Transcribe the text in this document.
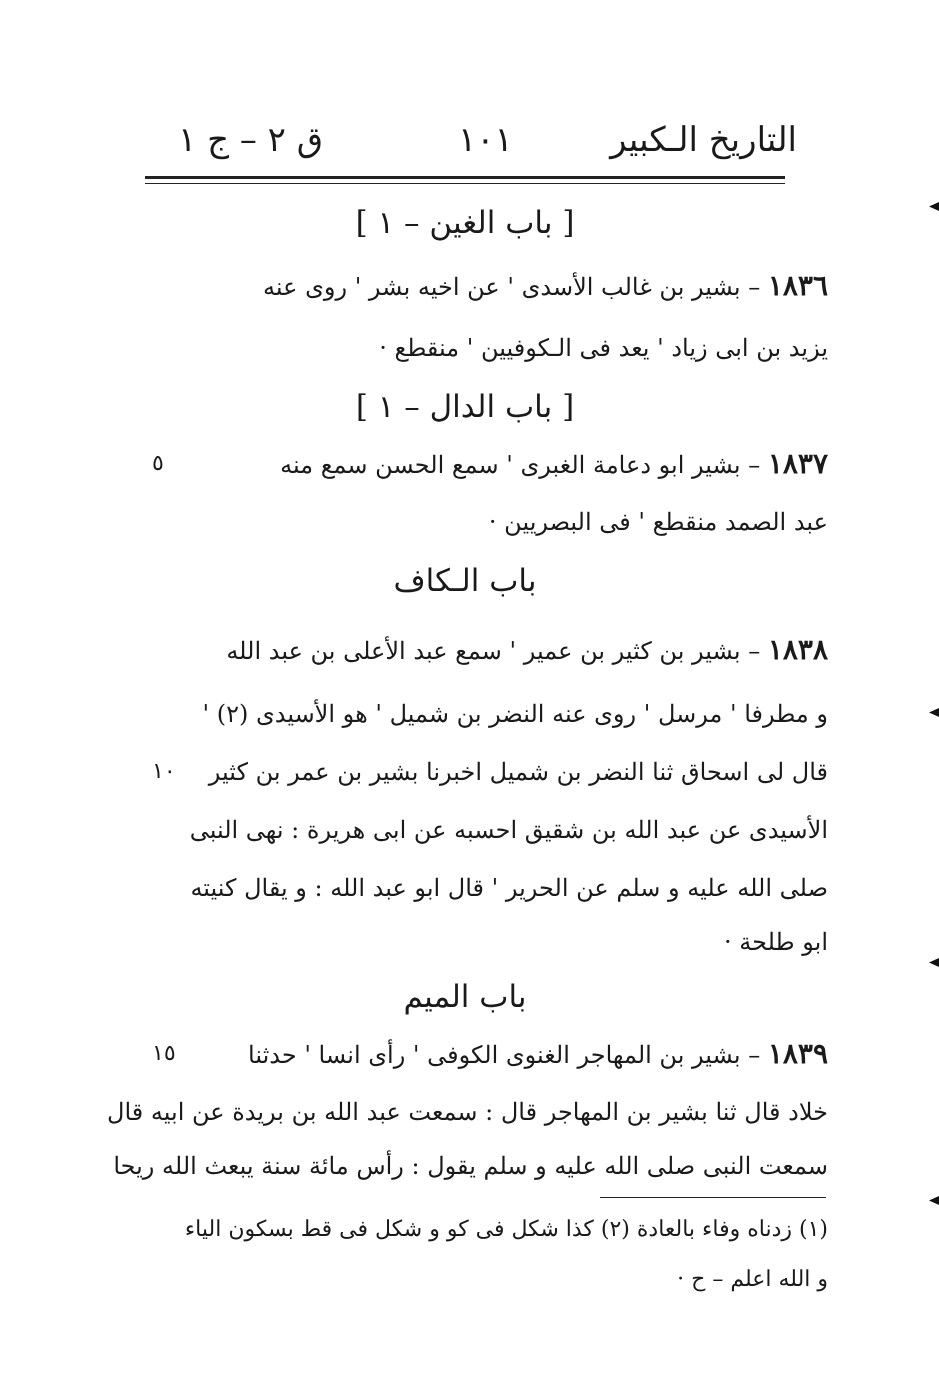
التاريخ الـكبير
١٠١
ق ٢ – ج ١
[ باب الغين – ١ ]
١٨٣٦ – بشير بن غالب الأسدى ' عن اخيه بشر ' روى عنه
يزيد بن ابى زياد ' يعد فى الـكوفيين ' منقطع ·
[ باب الدال – ١ ]
١٨٣٧ – بشير ابو دعامة الغبرى ' سمع الحسن سمع منه
٥
عبد الصمد منقطع ' فى البصريين ·
باب الـكاف
١٨٣٨ – بشير بن كثير بن عمير ' سمع عبد الأعلى بن عبد الله
و مطرفا ' مرسل ' روى عنه النضر بن شميل ' هو الأسيدى (٢) '
قال لى اسحاق ثنا النضر بن شميل اخبرنا بشير بن عمر بن كثير
١٠
الأسيدى عن عبد الله بن شقيق احسبه عن ابى هريرة : نهى النبى
صلى الله عليه و سلم عن الحرير ' قال ابو عبد الله : و يقال كنيته
ابو طلحة ·
باب الميم
١٨٣٩ – بشير بن المهاجر الغنوى الكوفى ' رأى انسا ' حدثنا
١٥
خلاد قال ثنا بشير بن المهاجر قال : سمعت عبد الله بن بريدة عن ابيه قال
سمعت النبى صلى الله عليه و سلم يقول : رأس مائة سنة يبعث الله ريحا
(١) زدناه وفاء بالعادة (٢) كذا شكل فى كو و شكل فى قط بسكون الياء
و الله اعلم – ح ·
